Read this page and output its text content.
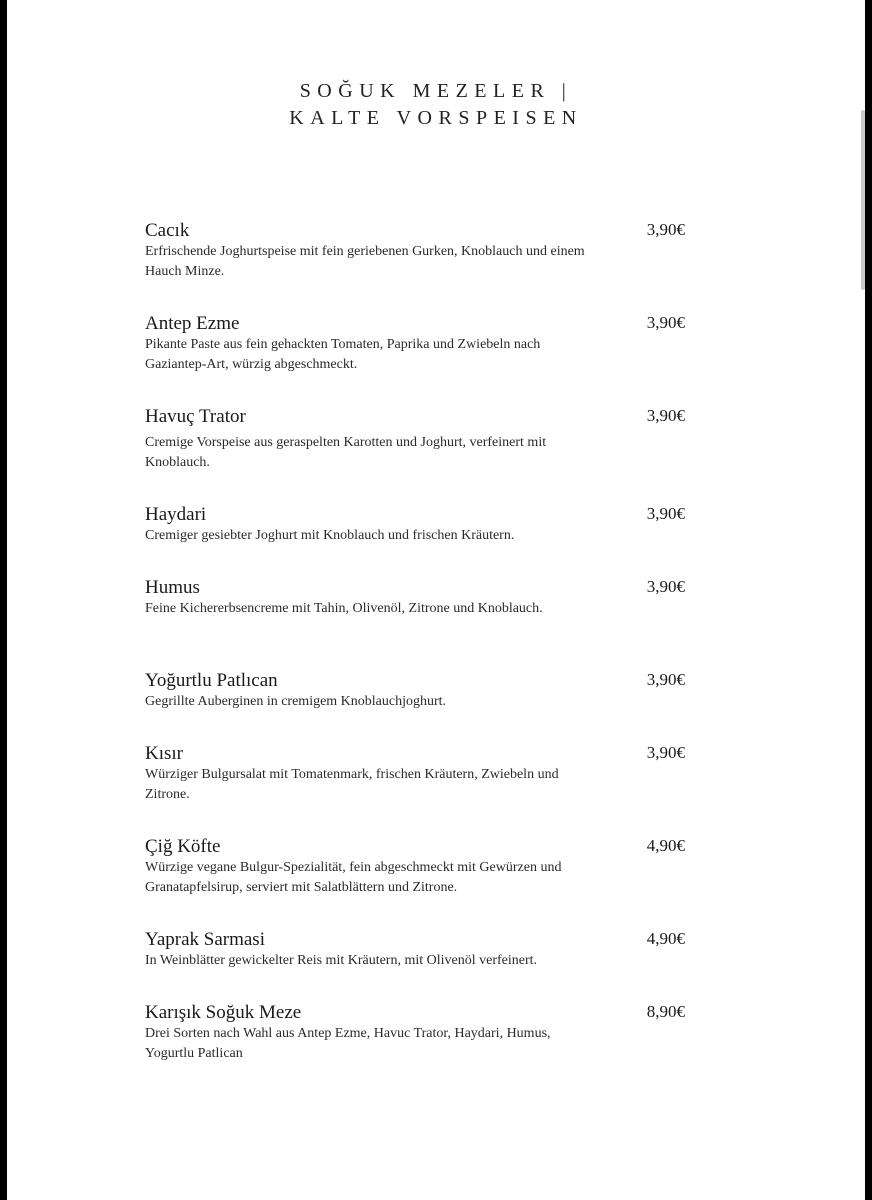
SOĞUK MEZELER |
KALTE VORSPEISEN
Cacık
Erfrischende Joghurtspeise mit fein geriebenen Gurken, Knoblauch und einem Hauch Minze.
3,90€
Antep Ezme
Pikante Paste aus fein gehackten Tomaten, Paprika und Zwiebeln nach Gaziantep-Art, würzig abgeschmeckt.
3,90€
Havuç Trator
Cremige Vorspeise aus geraspelten Karotten und Joghurt, verfeinert mit Knoblauch.
3,90€
Haydari
Cremiger gesiebter Joghurt mit Knoblauch und frischen Kräutern.
3,90€
Humus
Feine Kichererbsencreme mit Tahin, Olivenöl, Zitrone und Knoblauch.
3,90€
Yoğurtlu Patlıcan
Gegrillte Auberginen in cremigem Knoblauchjoghurt.
3,90€
Kısır
Würziger Bulgursalat mit Tomatenmark, frischen Kräutern, Zwiebeln und Zitrone.
3,90€
Çiğ Köfte
Würzige vegane Bulgur-Spezialität, fein abgeschmeckt mit Gewürzen und Granatapfelsirup, serviert mit Salatblättern und Zitrone.
4,90€
Yaprak Sarmasi
In Weinblätter gewickelter Reis mit Kräutern, mit Olivenöl verfeinert.
4,90€
Karışık Soğuk Meze
Drei Sorten nach Wahl aus Antep Ezme, Havuc Trator, Haydari, Humus, Yogurtlu Patlican
8,90€
